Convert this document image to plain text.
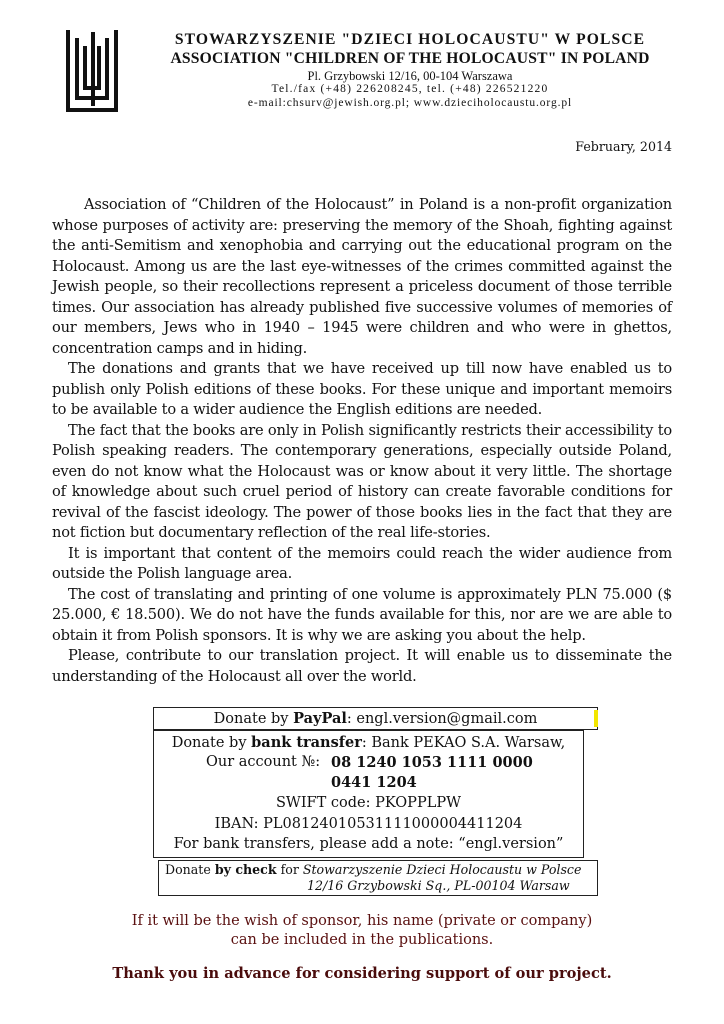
STOWARZYSZENIE "DZIECI HOLOCAUSTU" W POLSCE
ASSOCIATION "CHILDREN OF THE HOLOCAUST" IN POLAND
Pl. Grzybowski 12/16, 00-104 Warszawa
Tel./fax (+48) 226208245, tel. (+48) 226521220
e-mail:chsurv@jewish.org.pl; www.dzieciholocaustu.org.pl
February, 2014

Association of “Children of the Holocaust” in Poland is a non-profit organization whose purposes of activity are: preserving the memory of the Shoah, fighting against the anti-Semitism and xenophobia and carrying out the educational program on the Holocaust. Among us are the last eye-witnesses of the crimes committed against the Jewish people, so their recollections represent a priceless document of those terrible times. Our association has already published five successive volumes of memories of our members, Jews who in 1940 – 1945 were children and who were in ghettos, concentration camps and in hiding.

The donations and grants that we have received up till now have enabled us to publish only Polish editions of these books. For these unique and important memoirs to be available to a wider audience the English editions are needed.

The fact that the books are only in Polish significantly restricts their accessibility to Polish speaking readers. The contemporary generations, especially outside Poland, even do not know what the Holocaust was or know about it very little. The shortage of knowledge about such cruel period of history can create favorable conditions for revival of the fascist ideology. The power of those books lies in the fact that they are not fiction but documentary reflection of the real life-stories.

It is important that content of the memoirs could reach the wider audience from outside the Polish language area.

The cost of translating and printing of one volume is approximately PLN 75.000 ($ 25.000, € 18.500). We do not have the funds available for this, nor are we are able to obtain it from Polish sponsors. It is why we are asking you about the help.

Please, contribute to our translation project. It will enable us to disseminate the understanding of the Holocaust all over the world.

Donate by PayPal: engl.version@gmail.com
Donate by bank transfer: Bank PEKAO S.A. Warsaw,
Our account №: 08 1240 1053 1111 0000 0441 1204
SWIFT code: PKOPPLPW
IBAN: PL08124010531111000004411204
For bank transfers, please add a note: “engl.version”
Donate by check for Stowarzyszenie Dzieci Holocaustu w Polsce
12/16 Grzybowski Sq., PL-00104 Warsaw
If it will be the wish of sponsor, his name (private or company)
can be included in the publications.
Thank you in advance for considering support of our project.
